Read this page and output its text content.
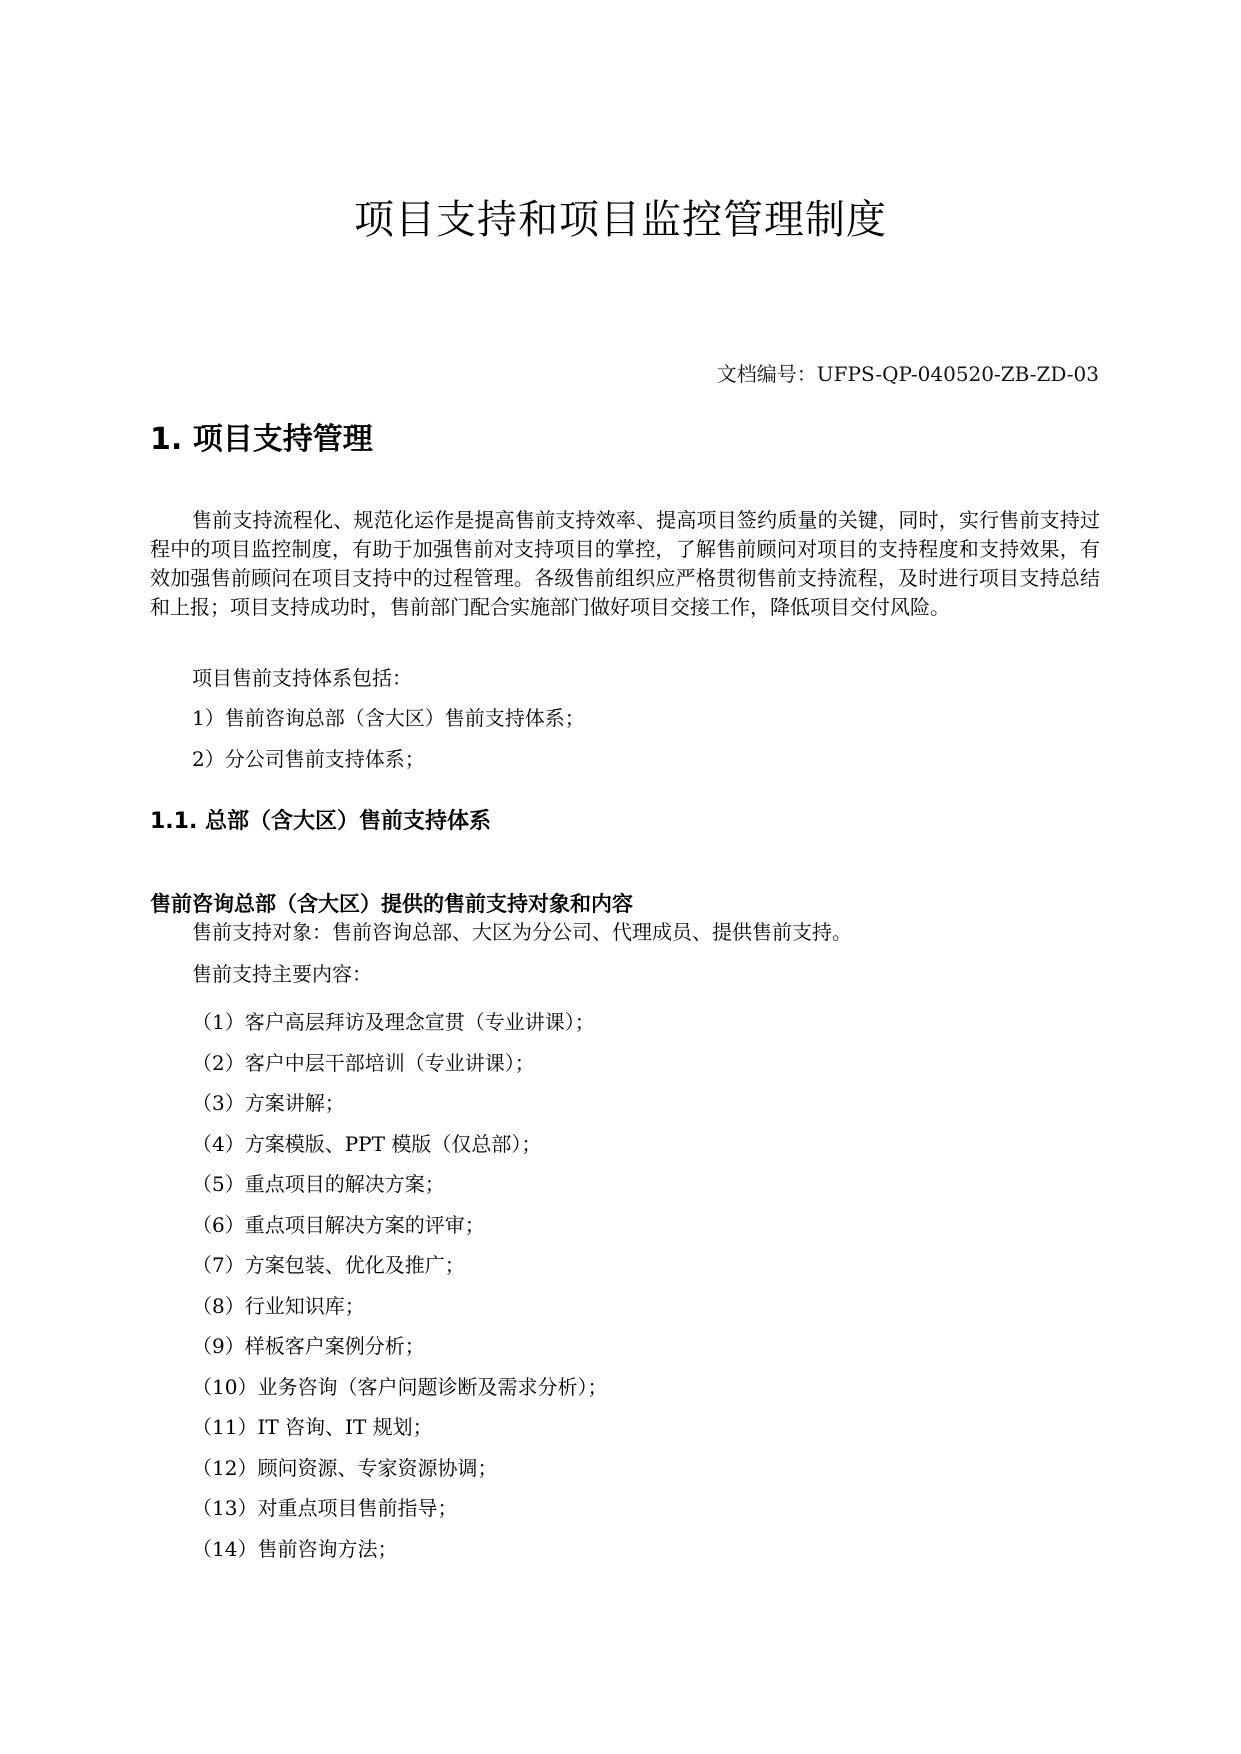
项目支持和项目监控管理制度
文档编号：UFPS-QP-040520-ZB-ZD-03
1. 项目支持管理

售前支持流程化、规范化运作是提高售前支持效率、提高项目签约质量的关键，同时，实行售前支持过程中的项目监控制度，有助于加强售前对支持项目的掌控，了解售前顾问对项目的支持程度和支持效果，有效加强售前顾问在项目支持中的过程管理。各级售前组织应严格贯彻售前支持流程，及时进行项目支持总结和上报；项目支持成功时，售前部门配合实施部门做好项目交接工作，降低项目交付风险。

项目售前支持体系包括：

1）售前咨询总部（含大区）售前支持体系；

2）分公司售前支持体系；

1.1. 总部（含大区）售前支持体系
售前咨询总部（含大区）提供的售前支持对象和内容

售前支持对象：售前咨询总部、大区为分公司、代理成员、提供售前支持。

售前支持主要内容：

（1）客户高层拜访及理念宣贯（专业讲课）；
（2）客户中层干部培训（专业讲课）；
（3）方案讲解；
（4）方案模版、PPT 模版（仅总部）；
（5）重点项目的解决方案；
（6）重点项目解决方案的评审；
（7）方案包装、优化及推广；
（8）行业知识库；
（9）样板客户案例分析；
（10）业务咨询（客户问题诊断及需求分析）；
（11）IT 咨询、IT 规划；
（12）顾问资源、专家资源协调；
（13）对重点项目售前指导；
（14）售前咨询方法；
